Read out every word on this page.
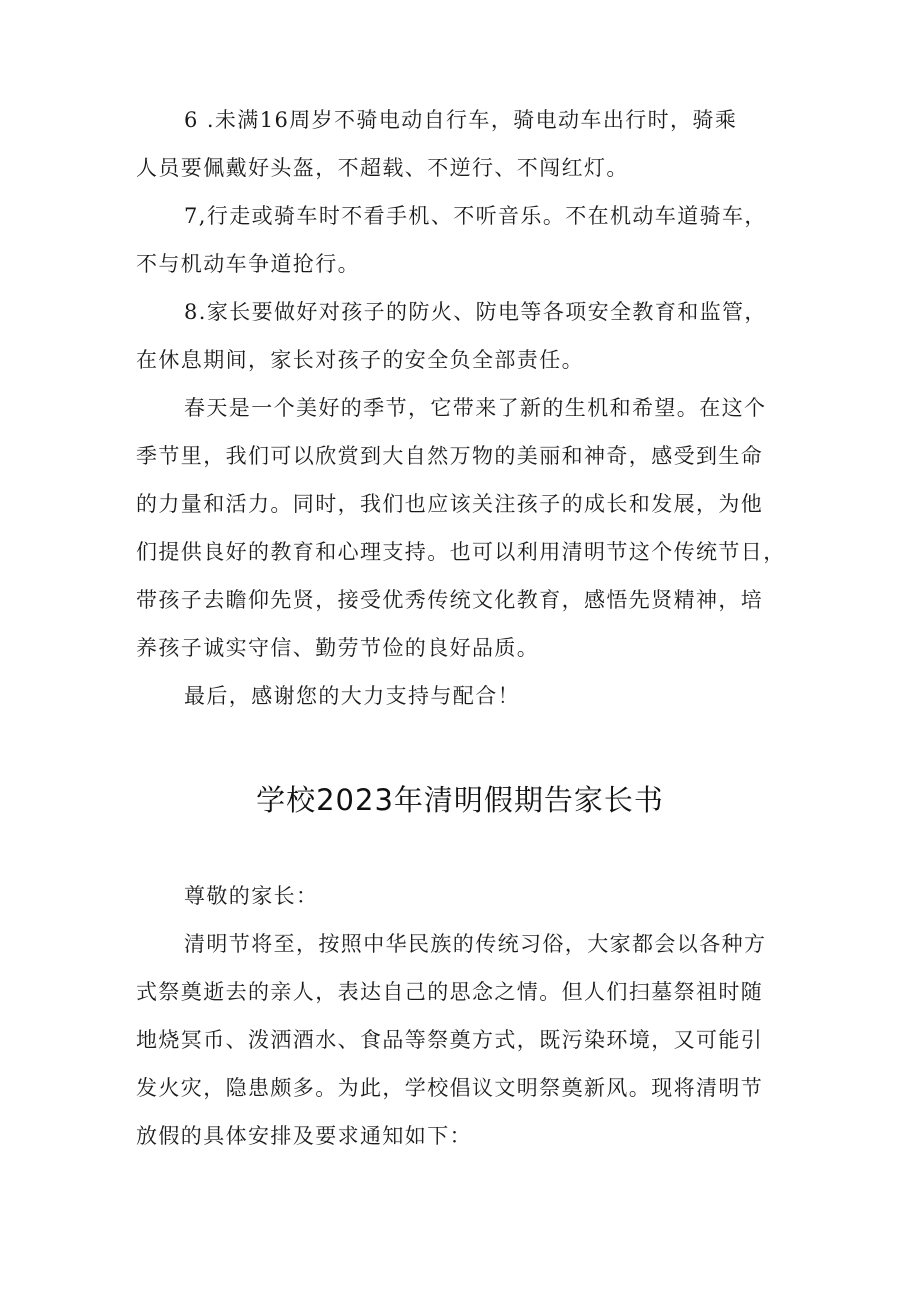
6 .未满16周岁不骑电动自行车，骑电动车出行时，骑乘
人员要佩戴好头盔，不超载、不逆行、不闯红灯。
7,行走或骑车时不看手机、不听音乐。不在机动车道骑车，
不与机动车争道抢行。
8.家长要做好对孩子的防火、防电等各项安全教育和监管，
在休息期间，家长对孩子的安全负全部责任。
春天是一个美好的季节，它带来了新的生机和希望。在这个
季节里，我们可以欣赏到大自然万物的美丽和神奇，感受到生命
的力量和活力。同时，我们也应该关注孩子的成长和发展，为他
们提供良好的教育和心理支持。也可以利用清明节这个传统节日，
带孩子去瞻仰先贤，接受优秀传统文化教育，感悟先贤精神，培
养孩子诚实守信、勤劳节俭的良好品质。
最后，感谢您的大力支持与配合！
学校2023年清明假期告家长书
尊敬的家长：
清明节将至，按照中华民族的传统习俗，大家都会以各种方
式祭奠逝去的亲人，表达自己的思念之情。但人们扫墓祭祖时随
地烧冥币、泼洒酒水、食品等祭奠方式，既污染环境，又可能引
发火灾，隐患颇多。为此，学校倡议文明祭奠新风。现将清明节
放假的具体安排及要求通知如下：
